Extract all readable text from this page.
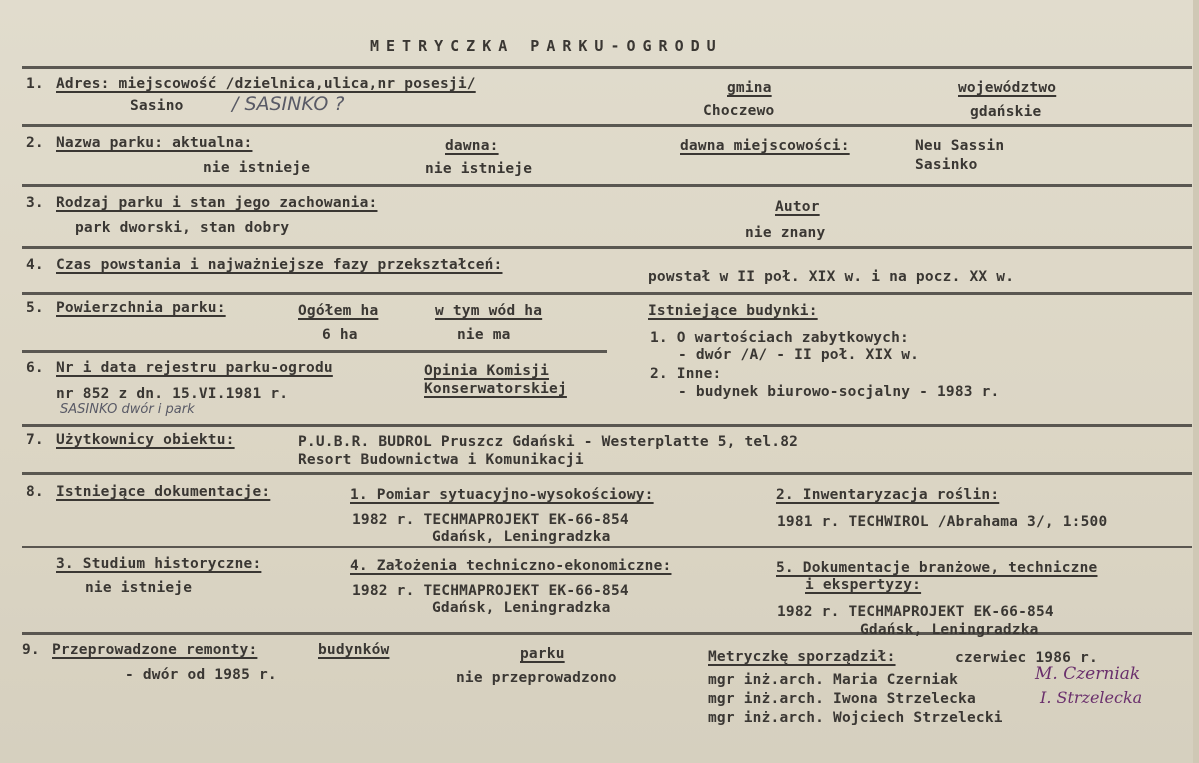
METRYCZKA PARKU-OGRODU
1. Adres: miejscowość /dzielnica,ulica,nr posesji/
Sasino	/ SASINKO ?
gmina
Choczewo
województwo
gdańskie
2. Nazwa parku: aktualna:
nie istnieje
dawna:
nie istnieje
dawna miejscowości:	Neu Sassin
Sasinko
3. Rodzaj parku i stan jego zachowania:
park dworski, stan dobry
Autor
nie znany
4. Czas powstania i najważniejsze fazy przekształceń:
powstał w II poł. XIX w. i na pocz. XX w.
5. Powierzchnia parku:	Ogółem ha
6 ha
w tym wód ha
nie ma
Istniejące budynki:
1. O wartościach zabytkowych:
- dwór /A/ - II poł. XIX w.
2. Inne:
- budynek biurowo-socjalny - 1983 r.
6. Nr i data rejestru parku-ogrodu
nr 852 z dn. 15.VI.1981 r.
SASINKO dwór i park
Opinia Komisji
Konserwatorskiej
7. Użytkownicy obiektu:	P.U.B.R. BUDROL Pruszcz Gdański - Westerplatte 5, tel.82
Resort Budownictwa i Komunikacji
8. Istniejące dokumentacje:	1. Pomiar sytuacyjno-wysokościowy:
1982 r. TECHMAPROJEKT EK-66-854
Gdańsk, Leningradzka
2. Inwentaryzacja roślin:
1981 r. TECHWIROL /Abrahama 3/, 1:500
3. Studium historyczne:
nie istnieje
4. Założenia techniczno-ekonomiczne:
1982 r. TECHMAPROJEKT EK-66-854
Gdańsk, Leningradzka
5. Dokumentacje branżowe, techniczne
i ekspertyzy:
1982 r. TECHMAPROJEKT EK-66-854
Gdańsk, Leningradzka
9. Przeprowadzone remonty:	budynków
- dwór od 1985 r.
parku
nie przeprowadzono
Metryczkę sporządził:	czerwiec 1986 r.
mgr inż.arch. Maria Czerniak
mgr inż.arch. Iwona Strzelecka
mgr inż.arch. Wojciech Strzelecki
M. Czerniak
I. Strzelecka
